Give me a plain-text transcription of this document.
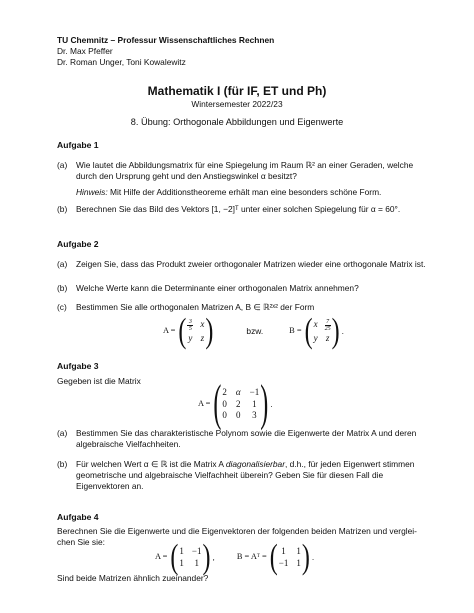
TU Chemnitz – Professur Wissenschaftliches Rechnen
Dr. Max Pfeffer
Dr. Roman Unger, Toni Kowalewitz
Mathematik I (für IF, ET und Ph)
Wintersemester 2022/23
8. Übung: Orthogonale Abbildungen und Eigenwerte
Aufgabe 1
(a) Wie lautet die Abbildungsmatrix für eine Spiegelung im Raum ℝ² an einer Geraden, welche
durch den Ursprung geht und den Anstiegswinkel α besitzt?
Hinweis: Mit Hilfe der Additionstheoreme erhält man eine besonders schöne Form.
(b) Berechnen Sie das Bild des Vektors [1, −2]ᵀ unter einer solchen Spiegelung für α = 60°.
Aufgabe 2
(a) Zeigen Sie, dass das Produkt zweier orthogonaler Matrizen wieder eine orthogonale Matrix ist.
(b) Welche Werte kann die Determinante einer orthogonalen Matrix annehmen?
(c) Bestimmen Sie alle orthogonalen Matrizen A, B ∈ ℝ²ˣ² der Form
A = ( $\frac{3}{5}$ x
y z )	bzw.	B = ( x $\frac{7}{25}$
y z ) .
Aufgabe 3
Gegeben ist die Matrix
A = ( 2 α −1
0 2 1
0 0 3 ) .
(a) Bestimmen Sie das charakteristische Polynom sowie die Eigenwerte der Matrix A und deren algebraische Vielfachheiten.
(b) Für welchen Wert α ∈ ℝ ist die Matrix A diagonalisierbar, d.h., für jeden Eigenwert stimmen geometrische und algebraische Vielfachheit überein? Geben Sie für diesen Fall die Eigenvektoren an.
Aufgabe 4
Berechnen Sie die Eigenwerte und die Eigenvektoren der folgenden beiden Matrizen und vergleichen Sie sie:
A = ( 1 −1
1 1 ) ,	B = Aᵀ = ( 1 1
−1 1 ) .
Sind beide Matrizen ähnlich zueinander?
